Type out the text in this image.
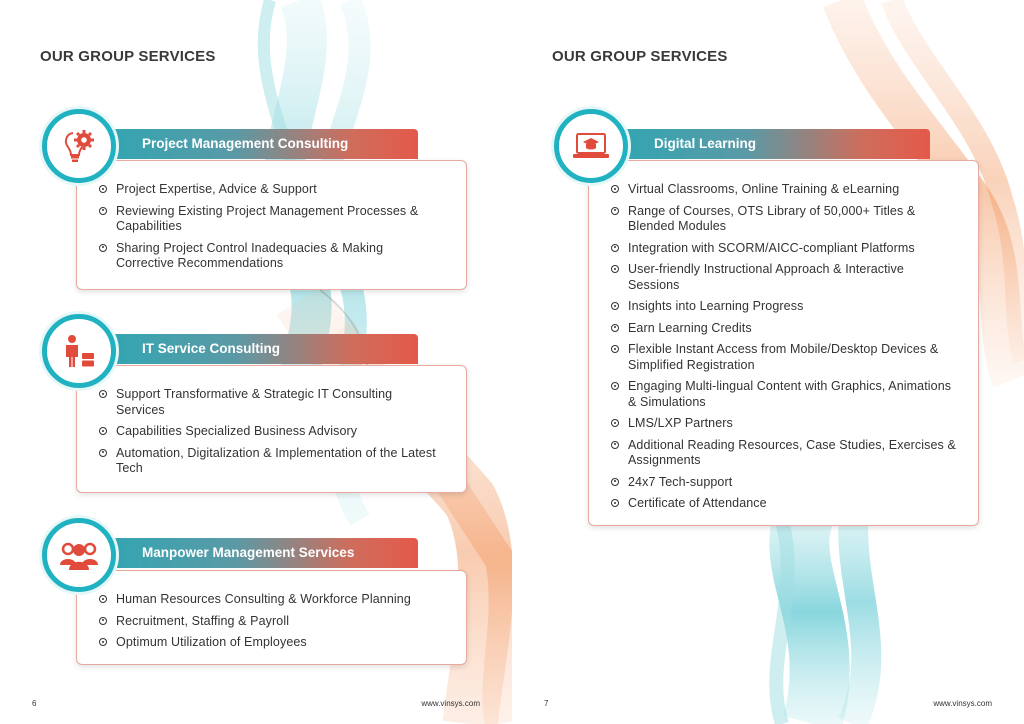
OUR GROUP SERVICES
Project Expertise, Advice & Support
Reviewing Existing Project Management Processes & Capabilities
Sharing Project Control Inadequacies & Making Corrective Recommendations
Project Management Consulting
Support Transformative & Strategic IT Consulting Services
Capabilities Specialized Business Advisory
Automation, Digitalization & Implementation of the Latest Tech
IT Service Consulting
Human Resources Consulting & Workforce Planning
Recruitment, Staffing & Payroll
Optimum Utilization of Employees
Manpower Management Services
6	www.vinsys.com
OUR GROUP SERVICES
Virtual Classrooms, Online Training & eLearning
Range of Courses, OTS Library of 50,000+ Titles & Blended Modules
Integration with SCORM/AICC-compliant Platforms
User-friendly Instructional Approach & Interactive Sessions
Insights into Learning Progress
Earn Learning Credits
Flexible Instant Access from Mobile/Desktop Devices & Simplified Registration
Engaging Multi-lingual Content with Graphics, Animations & Simulations
LMS/LXP Partners
Additional Reading Resources, Case Studies, Exercises & Assignments
24x7 Tech-support
Certificate of Attendance
Digital Learning
7	www.vinsys.com
